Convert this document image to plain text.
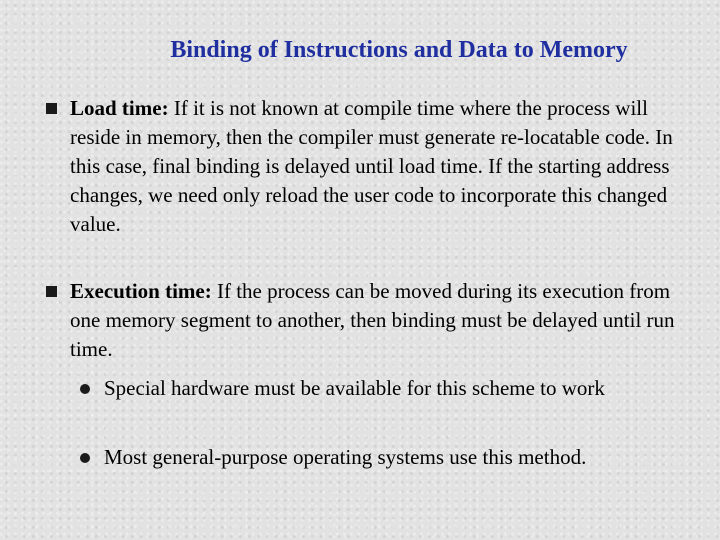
Binding of Instructions and Data to Memory
Load time: If it is not known at compile time where the process will reside in memory, then the compiler must generate re-locatable code. In this case, final binding is delayed until load time. If the starting address changes, we need only reload the user code to incorporate this changed value.
Execution time: If the process can be moved during its execution from one memory segment to another, then binding must be delayed until run time.
Special hardware must be available for this scheme to work
Most general-purpose operating systems use this method.
